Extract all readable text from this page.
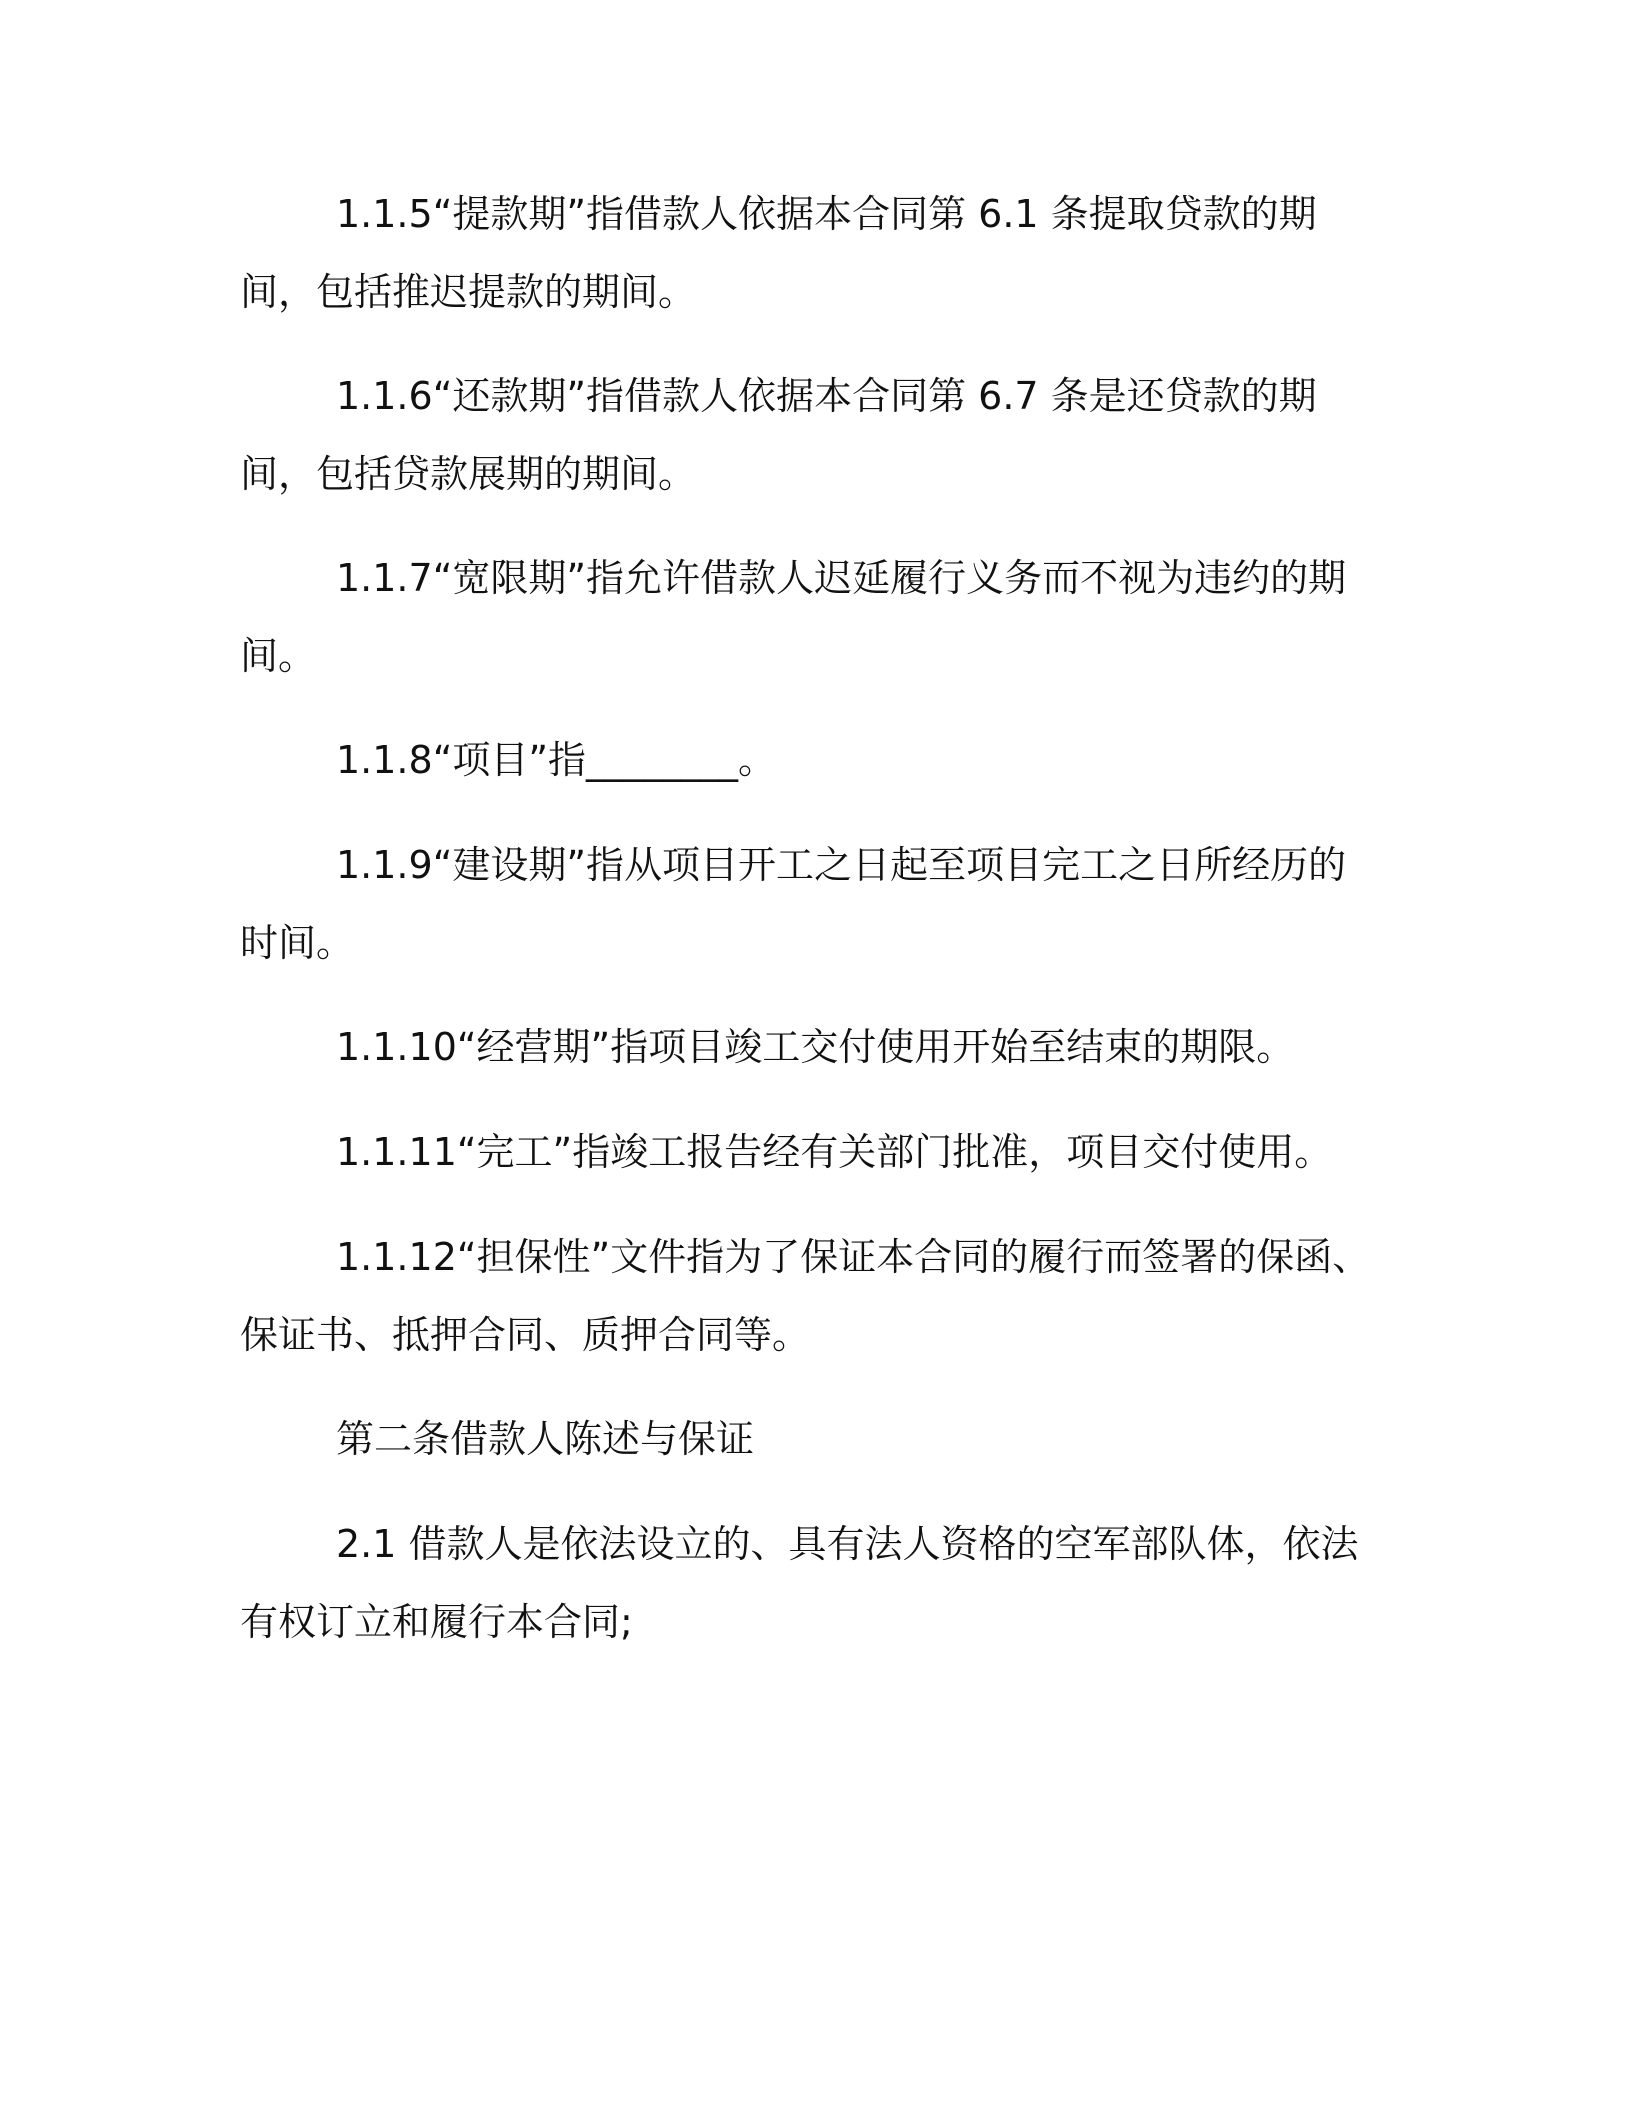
1.1.5“提款期”指借款人依据本合同第 6.1 条提取贷款的期间，包括推迟提款的期间。

1.1.6“还款期”指借款人依据本合同第 6.7 条是还贷款的期间，包括贷款展期的期间。

1.1.7“宽限期”指允许借款人迟延履行义务而不视为违约的期间。

1.1.8“项目”指________。

1.1.9“建设期”指从项目开工之日起至项目完工之日所经历的时间。

1.1.10“经营期”指项目竣工交付使用开始至结束的期限。

1.1.11“完工”指竣工报告经有关部门批准，项目交付使用。

1.1.12“担保性”文件指为了保证本合同的履行而签署的保函、保证书、抵押合同、质押合同等。

第二条借款人陈述与保证

2.1 借款人是依法设立的、具有法人资格的空军部队体，依法有权订立和履行本合同;
